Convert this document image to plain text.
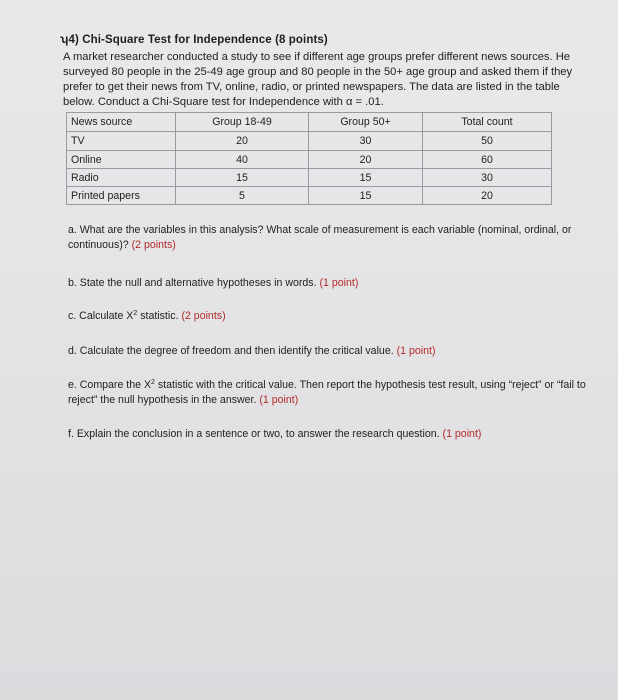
ʮ4) Chi-Square Test for Independence (8 points)
A market researcher conducted a study to see if different age groups prefer different news sources. He surveyed 80 people in the 25-49 age group and 80 people in the 50+ age group and asked them if they prefer to get their news from TV, online, radio, or printed newspapers. The data are listed in the table below. Conduct a Chi-Square test for Independence with α = .01.
News source	Group 18-49	Group 50+	Total count
TV	20	30	50
Online	40	20	60
Radio	15	15	30
Printed papers	5	15	20
a. What are the variables in this analysis? What scale of measurement is each variable (nominal, ordinal, or continuous)? (2 points)
b. State the null and alternative hypotheses in words. (1 point)
c. Calculate $X^2$ statistic. (2 points)
d. Calculate the degree of freedom and then identify the critical value. (1 point)
e. Compare the $X^2$ statistic with the critical value. Then report the hypothesis test result, using “reject” or “fail to reject” the null hypothesis in the answer. (1 point)
f. Explain the conclusion in a sentence or two, to answer the research question. (1 point)
